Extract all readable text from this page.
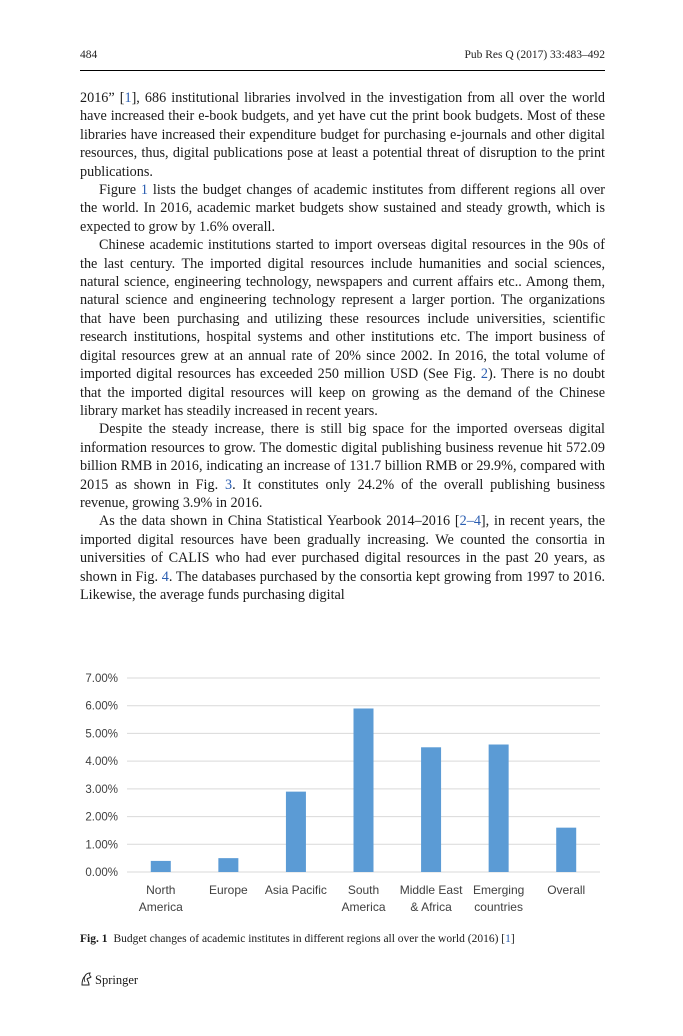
484	Pub Res Q (2017) 33:483–492

2016” [1], 686 institutional libraries involved in the investigation from all over the world have increased their e-book budgets, and yet have cut the print book budgets. Most of these libraries have increased their expenditure budget for purchasing e-journals and other digital resources, thus, digital publications pose at least a potential threat of disruption to the print publications.

Figure 1 lists the budget changes of academic institutes from different regions all over the world. In 2016, academic market budgets show sustained and steady growth, which is expected to grow by 1.6% overall.

Chinese academic institutions started to import overseas digital resources in the 90s of the last century. The imported digital resources include humanities and social sciences, natural science, engineering technology, newspapers and current affairs etc.. Among them, natural science and engineering technology represent a larger portion. The organizations that have been purchasing and utilizing these resources include universities, scientific research institutions, hospital systems and other institutions etc. The import business of digital resources grew at an annual rate of 20% since 2002. In 2016, the total volume of imported digital resources has exceeded 250 million USD (See Fig. 2). There is no doubt that the imported digital resources will keep on growing as the demand of the Chinese library market has steadily increased in recent years.

Despite the steady increase, there is still big space for the imported overseas digital information resources to grow. The domestic digital publishing business revenue hit 572.09 billion RMB in 2016, indicating an increase of 131.7 billion RMB or 29.9%, compared with 2015 as shown in Fig. 3. It constitutes only 24.2% of the overall publishing business revenue, growing 3.9% in 2016.

As the data shown in China Statistical Yearbook 2014–2016 [2–4], in recent years, the imported digital resources have been gradually increasing. We counted the consortia in universities of CALIS who had ever purchased digital resources in the past 20 years, as shown in Fig. 4. The databases purchased by the consortia kept growing from 1997 to 2016. Likewise, the average funds purchasing digital

0.00%
1.00%
2.00%
3.00%
4.00%
5.00%
6.00%
7.00%
North
America
Europe Asia Pacific South
America
Middle East
& Africa
Emerging
countries
Overall
Fig. 1 Budget changes of academic institutes in different regions all over the world (2016) [1]
Springer
